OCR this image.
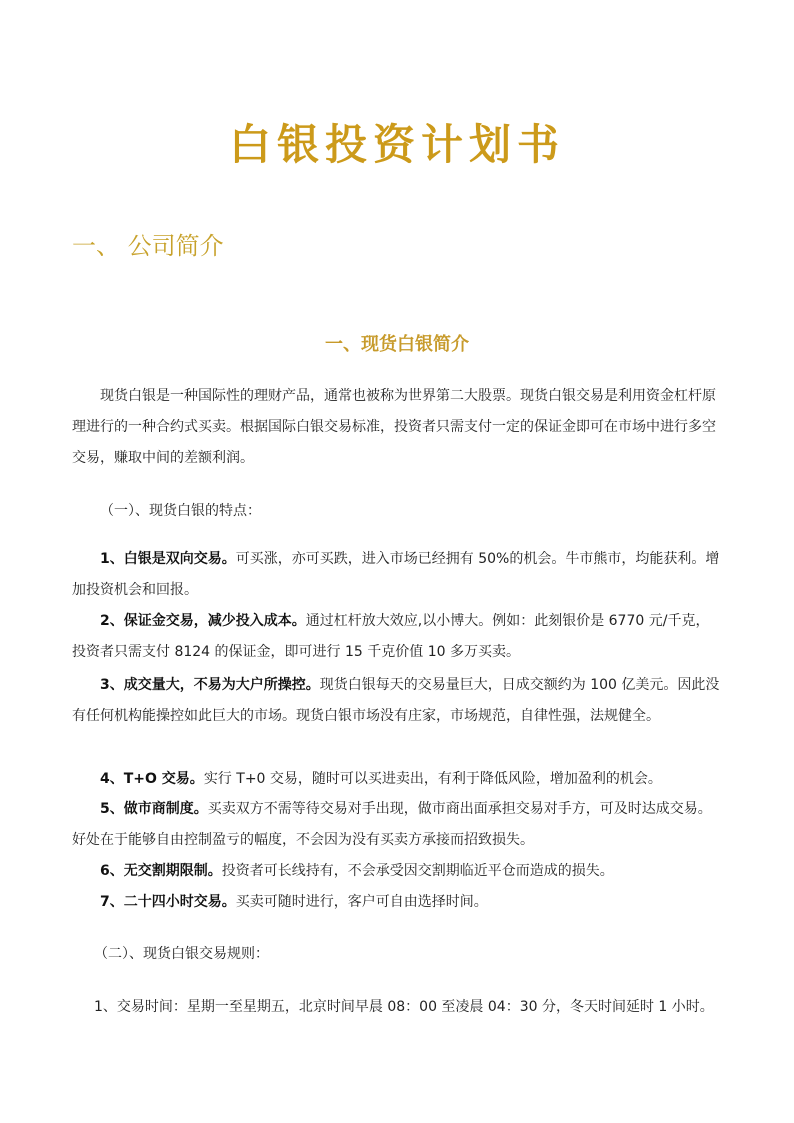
白银投资计划书
一、 公司简介
一、现货白银简介
现货白银是一种国际性的理财产品，通常也被称为世界第二大股票。现货白银交易是利用资金杠杆原理进行的一种合约式买卖。根据国际白银交易标准，投资者只需支付一定的保证金即可在市场中进行多空交易，赚取中间的差额利润。
（一）、现货白银的特点：
1、白银是双向交易。可买涨，亦可买跌，进入市场已经拥有 50%的机会。牛市熊市，均能获利。增加投资机会和回报。
2、保证金交易，减少投入成本。通过杠杆放大效应,以小博大。例如：此刻银价是 6770 元/千克，投资者只需支付 8124 的保证金，即可进行 15 千克价值 10 多万买卖。
3、成交量大，不易为大户所操控。现货白银每天的交易量巨大，日成交额约为 100 亿美元。因此没有任何机构能操控如此巨大的市场。现货白银市场没有庄家，市场规范，自律性强，法规健全。
4、T+O 交易。实行 T+0 交易，随时可以买进卖出，有利于降低风险，增加盈利的机会。
5、做市商制度。买卖双方不需等待交易对手出现，做市商出面承担交易对手方，可及时达成交易。好处在于能够自由控制盈亏的幅度，不会因为没有买卖方承接而招致损失。
6、无交割期限制。投资者可长线持有，不会承受因交割期临近平仓而造成的损失。
7、二十四小时交易。买卖可随时进行，客户可自由选择时间。
（二）、现货白银交易规则：
1、交易时间：星期一至星期五，北京时间早晨 08：00 至凌晨 04：30 分，冬天时间延时 1 小时。
